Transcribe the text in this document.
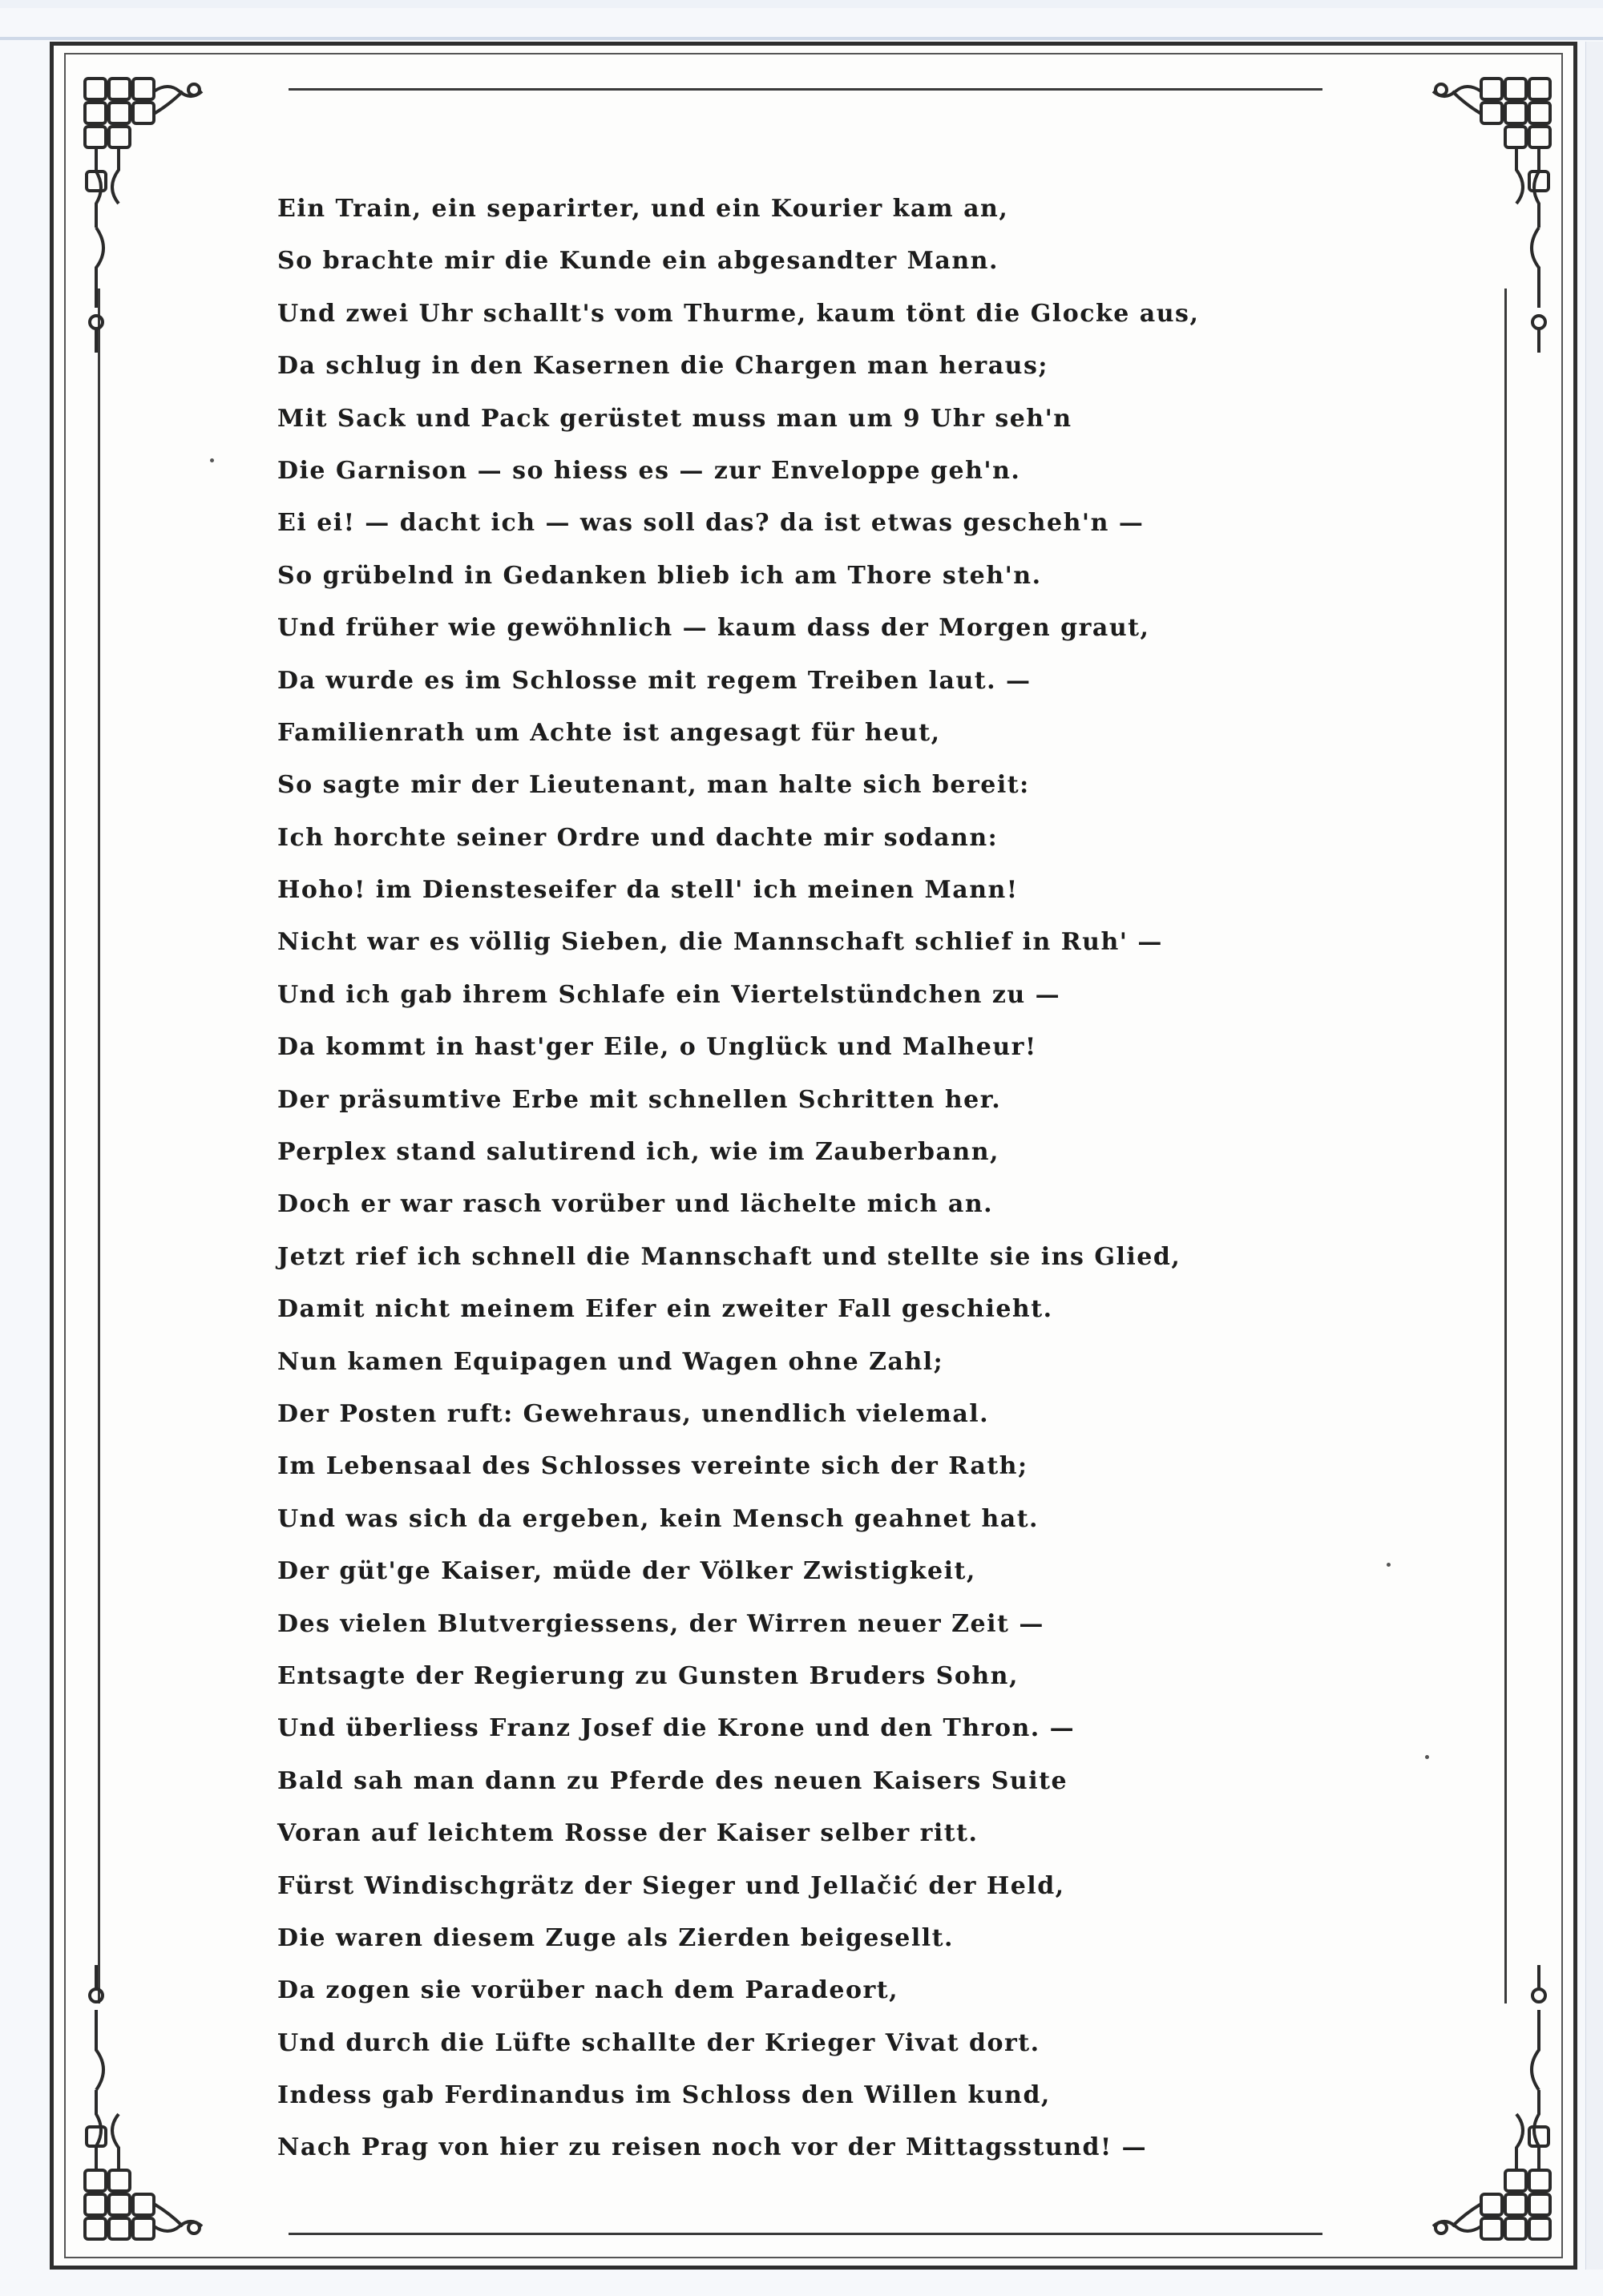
Ein Train, ein separirter, und ein Kourier kam an,
So brachte mir die Kunde ein abgesandter Mann.
Und zwei Uhr schallt's vom Thurme, kaum tönt die Glocke aus,
Da schlug in den Kasernen die Chargen man heraus;
Mit Sack und Pack gerüstet muss man um 9 Uhr seh'n
Die Garnison — so hiess es — zur Enveloppe geh'n.
Ei ei! — dacht ich — was soll das? da ist etwas gescheh'n —
So grübelnd in Gedanken blieb ich am Thore steh'n.
Und früher wie gewöhnlich — kaum dass der Morgen graut,
Da wurde es im Schlosse mit regem Treiben laut. —
Familienrath um Achte ist angesagt für heut,
So sagte mir der Lieutenant, man halte sich bereit:
Ich horchte seiner Ordre und dachte mir sodann:
Hoho! im Diensteseifer da stell' ich meinen Mann!
Nicht war es völlig Sieben, die Mannschaft schlief in Ruh' —
Und ich gab ihrem Schlafe ein Viertelstündchen zu —
Da kommt in hast'ger Eile, o Unglück und Malheur!
Der präsumtive Erbe mit schnellen Schritten her.
Perplex stand salutirend ich, wie im Zauberbann,
Doch er war rasch vorüber und lächelte mich an.
Jetzt rief ich schnell die Mannschaft und stellte sie ins Glied,
Damit nicht meinem Eifer ein zweiter Fall geschieht.
Nun kamen Equipagen und Wagen ohne Zahl;
Der Posten ruft: Gewehraus, unendlich vielemal.
Im Lebensaal des Schlosses vereinte sich der Rath;
Und was sich da ergeben, kein Mensch geahnet hat.
Der güt'ge Kaiser, müde der Völker Zwistigkeit,
Des vielen Blutvergiessens, der Wirren neuer Zeit —
Entsagte der Regierung zu Gunsten Bruders Sohn,
Und überliess Franz Josef die Krone und den Thron. —
Bald sah man dann zu Pferde des neuen Kaisers Suite
Voran auf leichtem Rosse der Kaiser selber ritt.
Fürst Windischgrätz der Sieger und Jellačić der Held,
Die waren diesem Zuge als Zierden beigesellt.
Da zogen sie vorüber nach dem Paradeort,
Und durch die Lüfte schallte der Krieger Vivat dort.
Indess gab Ferdinandus im Schloss den Willen kund,
Nach Prag von hier zu reisen noch vor der Mittagsstund! —
